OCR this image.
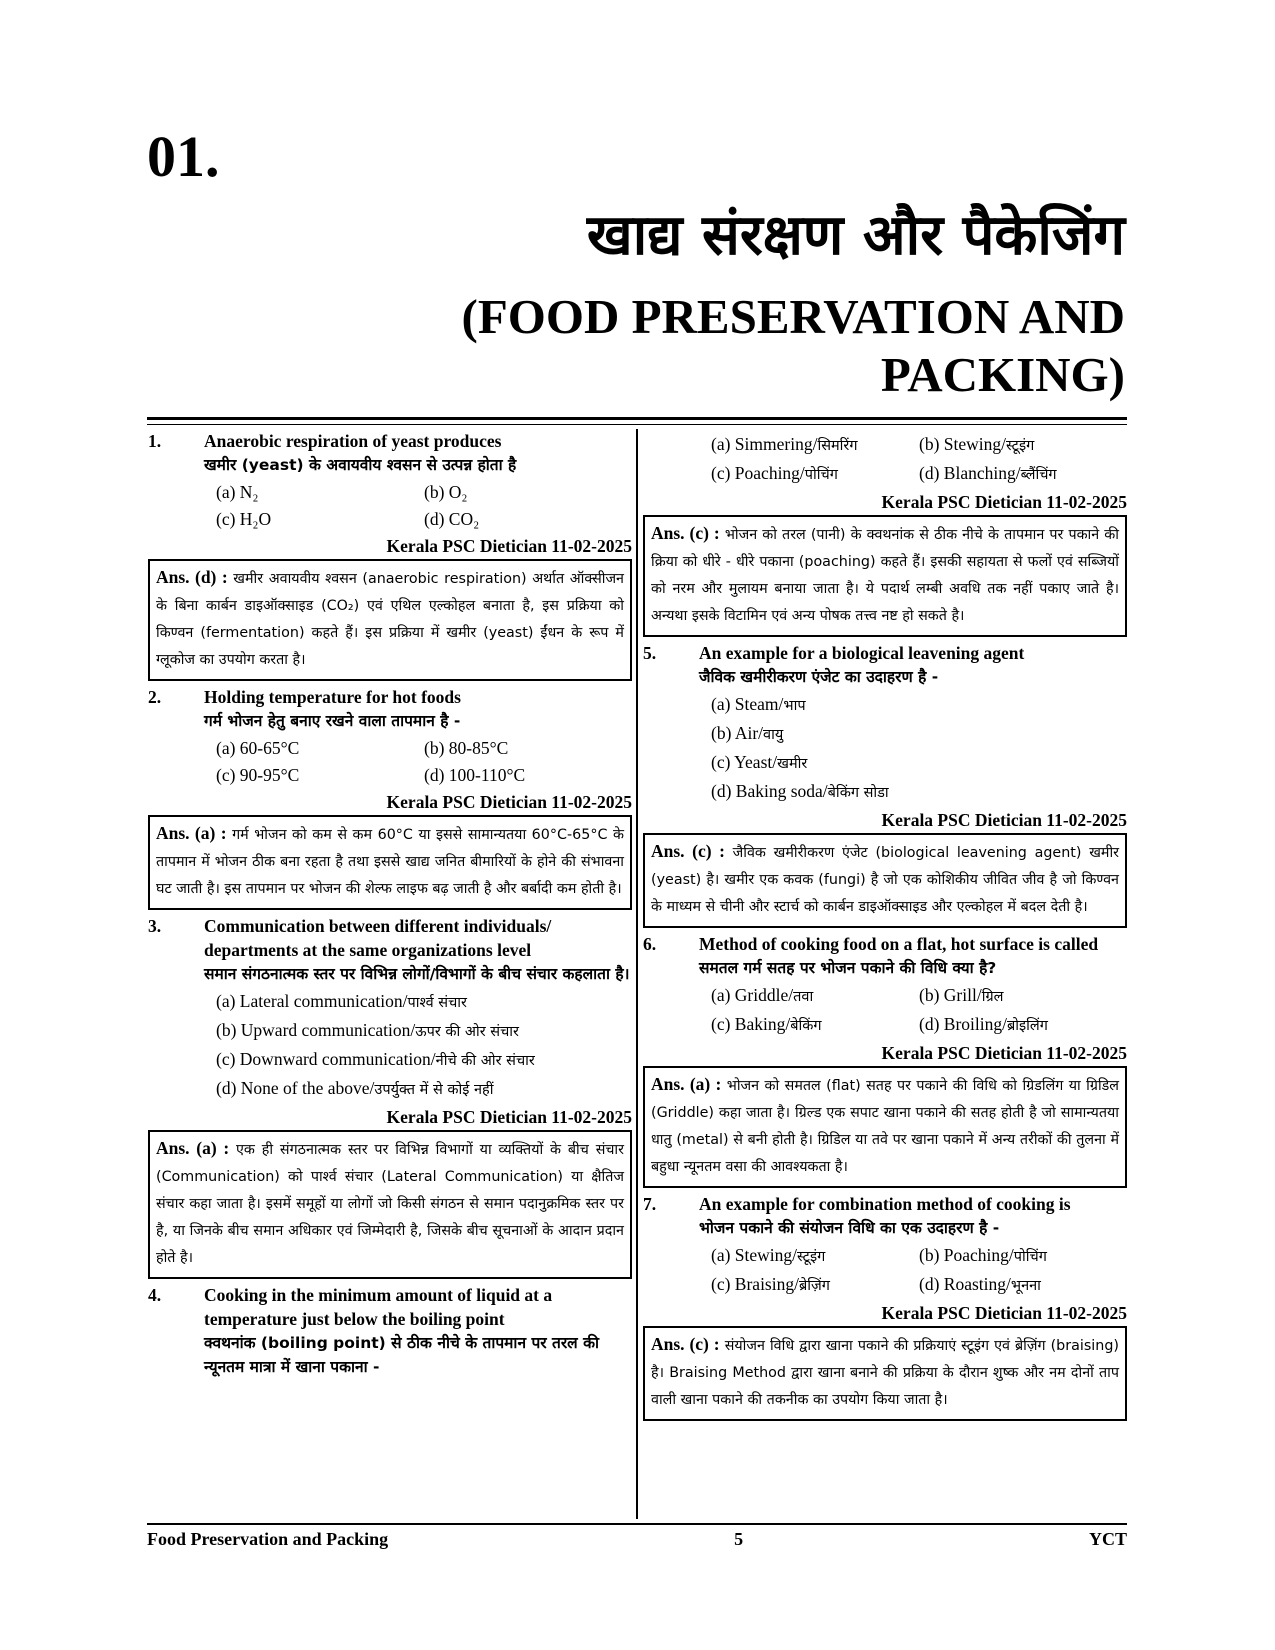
01.
खाद्य संरक्षण और पैकेजिंग
(FOOD PRESERVATION AND PACKING)
1. Anaerobic respiration of yeast produces
खमीर (yeast) के अवायवीय श्वसन से उत्पन्न होता है
(a) N₂	(b) O₂
(c) H₂O	(d) CO₂

Kerala PSC Dietician 11-02-2025

Ans. (d) : खमीर अवायवीय श्वसन (anaerobic respiration) अर्थात ऑक्सीजन के बिना कार्बन डाइऑक्साइड (CO₂) एवं एथिल एल्कोहल बनाता है, इस प्रक्रिया को किण्वन (fermentation) कहते हैं। इस प्रक्रिया में खमीर (yeast) ईंधन के रूप में ग्लूकोज का उपयोग करता है।
2. Holding temperature for hot foods
गर्म भोजन हेतु बनाए रखने वाला तापमान है -
(a) 60-65°C	(b) 80-85°C
(c) 90-95°C	(d) 100-110°C

Kerala PSC Dietician 11-02-2025

Ans. (a) : गर्म भोजन को कम से कम 60°C या इससे सामान्यतया 60°C-65°C के तापमान में भोजन ठीक बना रहता है तथा इससे खाद्य जनित बीमारियों के होने की संभावना घट जाती है। इस तापमान पर भोजन की शेल्फ लाइफ बढ़ जाती है और बर्बादी कम होती है।
3. Communication between different individuals/ departments at the same organizations level
समान संगठनात्मक स्तर पर विभिन्न लोगों/विभागों के बीच संचार कहलाता है।
(a) Lateral communication/पार्श्व संचार
(b) Upward communication/ऊपर की ओर संचार
(c) Downward communication/नीचे की ओर संचार
(d) None of the above/उपर्युक्त में से कोई नहीं

Kerala PSC Dietician 11-02-2025

Ans. (a) : एक ही संगठनात्मक स्तर पर विभिन्न विभागों या व्यक्तियों के बीच संचार (Communication) को पार्श्व संचार (Lateral Communication) या क्षैतिज संचार कहा जाता है। इसमें समूहों या लोगों जो किसी संगठन से समान पदानुक्रमिक स्तर पर है, या जिनके बीच समान अधिकार एवं जिम्मेदारी है, जिसके बीच सूचनाओं के आदान प्रदान होते है।
4. Cooking in the minimum amount of liquid at a temperature just below the boiling point
क्वथनांक (boiling point) से ठीक नीचे के तापमान पर तरल की न्यूनतम मात्रा में खाना पकाना -
(a) Simmering/सिमरिंग	(b) Stewing/स्टूइंग
(c) Poaching/पोचिंग	(d) Blanching/ब्लैंचिंग

Kerala PSC Dietician 11-02-2025

Ans. (c) : भोजन को तरल (पानी) के क्वथनांक से ठीक नीचे के तापमान पर पकाने की क्रिया को धीरे - धीरे पकाना (poaching) कहते हैं। इसकी सहायता से फलों एवं सब्जियों को नरम और मुलायम बनाया जाता है। ये पदार्थ लम्बी अवधि तक नहीं पकाए जाते है। अन्यथा इसके विटामिन एवं अन्य पोषक तत्त्व नष्ट हो सकते है।
5. An example for a biological leavening agent
जैविक खमीरीकरण एंजेट का उदाहरण है -
(a) Steam/भाप
(b) Air/वायु
(c) Yeast/खमीर
(d) Baking soda/बेकिंग सोडा

Kerala PSC Dietician 11-02-2025

Ans. (c) : जैविक खमीरीकरण एंजेट (biological leavening agent) खमीर (yeast) है। खमीर एक कवक (fungi) है जो एक कोशिकीय जीवित जीव है जो किण्वन के माध्यम से चीनी और स्टार्च को कार्बन डाइऑक्साइड और एल्कोहल में बदल देती है।
6. Method of cooking food on a flat, hot surface is called
समतल गर्म सतह पर भोजन पकाने की विधि क्या है?
(a) Griddle/तवा	(b) Grill/ग्रिल
(c) Baking/बेकिंग	(d) Broiling/ब्रोइलिंग

Kerala PSC Dietician 11-02-2025

Ans. (a) : भोजन को समतल (flat) सतह पर पकाने की विधि को ग्रिडलिंग या ग्रिडिल (Griddle) कहा जाता है। ग्रिल्ड एक सपाट खाना पकाने की सतह होती है जो सामान्यतया धातु (metal) से बनी होती है। ग्रिडिल या तवे पर खाना पकाने में अन्य तरीकों की तुलना में बहुधा न्यूनतम वसा की आवश्यकता है।
7. An example for combination method of cooking is
भोजन पकाने की संयोजन विधि का एक उदाहरण है -
(a) Stewing/स्टूइंग	(b) Poaching/पोचिंग
(c) Braising/ब्रेज़िंग	(d) Roasting/भूनना

Kerala PSC Dietician 11-02-2025

Ans. (c) : संयोजन विधि द्वारा खाना पकाने की प्रक्रियाएं स्टूइंग एवं ब्रेज़िंग (braising) है। Braising Method द्वारा खाना बनाने की प्रक्रिया के दौरान शुष्क और नम दोनों ताप वाली खाना पकाने की तकनीक का उपयोग किया जाता है।
Food Preservation and Packing	5	YCT
